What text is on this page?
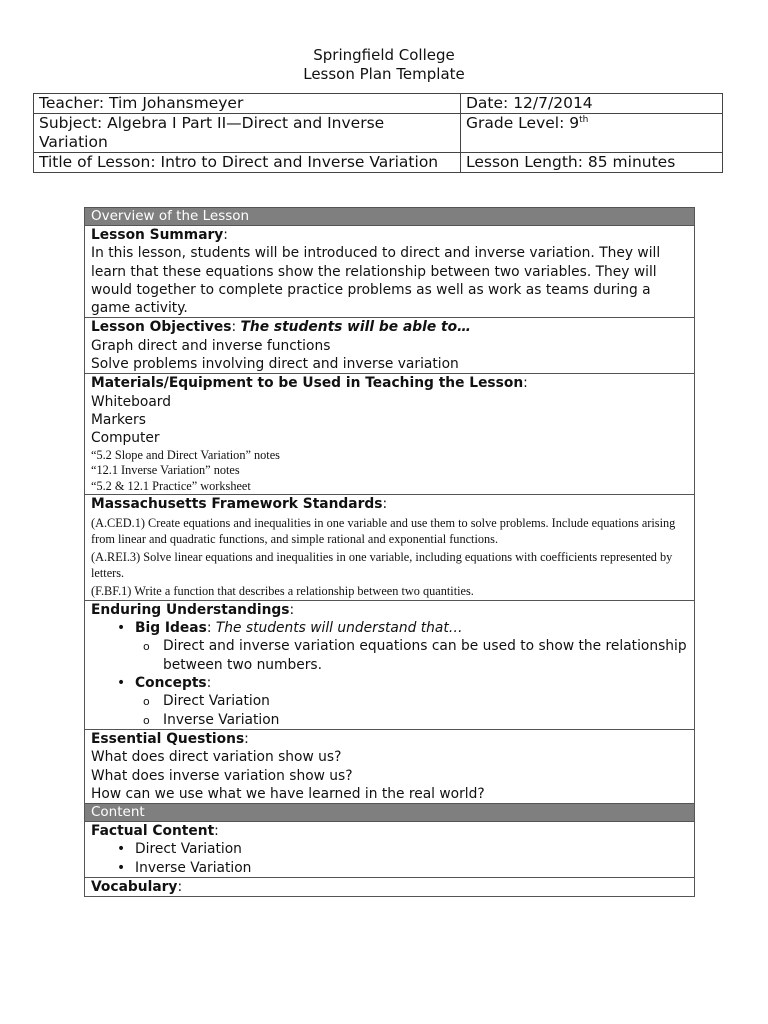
Springfield College
Lesson Plan Template
Teacher: Tim Johansmeyer	Date: 12/7/2014
Subject: Algebra I Part II—Direct and Inverse Variation	Grade Level: 9th
Title of Lesson: Intro to Direct and Inverse Variation	Lesson Length: 85 minutes
Overview of the Lesson

Lesson Summary:
In this lesson, students will be introduced to direct and inverse variation. They will learn that these equations show the relationship between two variables. They will would together to complete practice problems as well as work as teams during a game activity.

Lesson Objectives: The students will be able to…
Graph direct and inverse functions
Solve problems involving direct and inverse variation

Materials/Equipment to be Used in Teaching the Lesson:
Whiteboard
Markers
Computer
“5.2 Slope and Direct Variation” notes
“12.1 Inverse Variation” notes
“5.2 & 12.1 Practice” worksheet

Massachusetts Framework Standards:
(A.CED.1) Create equations and inequalities in one variable and use them to solve problems. Include equations arising from linear and quadratic functions, and simple rational and exponential functions.
(A.REI.3) Solve linear equations and inequalities in one variable, including equations with coefficients represented by letters.
(F.BF.1) Write a function that describes a relationship between two quantities.

Enduring Understandings:
• Big Ideas: The students will understand that…
o Direct and inverse variation equations can be used to show the relationship between two numbers.
• Concepts:
o Direct Variation
o Inverse Variation

Essential Questions:
What does direct variation show us?
What does inverse variation show us?
How can we use what we have learned in the real world?

Content

Factual Content:
• Direct Variation
• Inverse Variation

Vocabulary:
